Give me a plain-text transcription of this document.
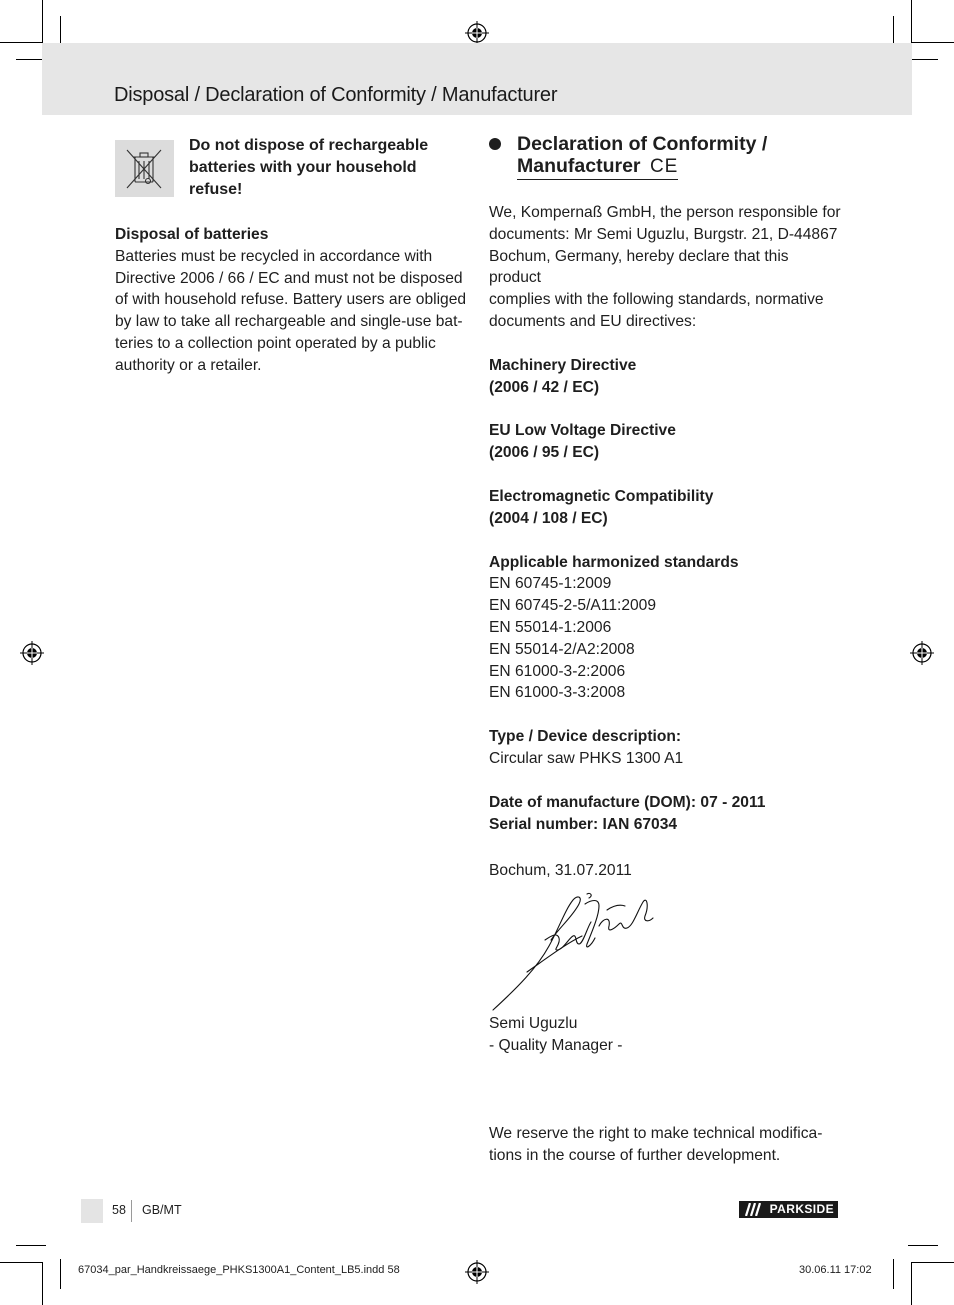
Disposal / Declaration of Conformity / Manufacturer
Do not dispose of rechargeable batteries with your household refuse!

Disposal of batteries

Batteries must be recycled in accordance with

Directive 2006 / 66 / EC and must not be disposed

of with household refuse. Battery users are obliged

by law to take all rechargeable and single-use bat-

teries to a collection point operated by a public

authority or a retailer.

Declaration of Conformity /
Manufacturer CE

We, Kompernaß GmbH, the person responsible for

documents: Mr Semi Uguzlu, Burgstr. 21, D-44867

Bochum, Germany, hereby declare that this product

complies with the following standards, normative

documents and EU directives:

Machinery Directive

(2006 / 42 / EC)

EU Low Voltage Directive

(2006 / 95 / EC)

Electromagnetic Compatibility

(2004 / 108 / EC)

Applicable harmonized standards

EN 60745-1:2009

EN 60745-2-5/A11:2009

EN 55014-1:2006

EN 55014-2/A2:2008

EN 61000-3-2:2006

EN 61000-3-3:2008

Type / Device description:

Circular saw PHKS 1300 A1

Date of manufacture (DOM): 07 - 2011

Serial number: IAN 67034

Bochum, 31.07.2011

Semi Uguzlu

- Quality Manager -

We reserve the right to make technical modifica-

tions in the course of further development.

58 GB/MT	PARKSIDE
67034_par_Handkreissaege_PHKS1300A1_Content_LB5.indd 58	30.06.11 17:02
